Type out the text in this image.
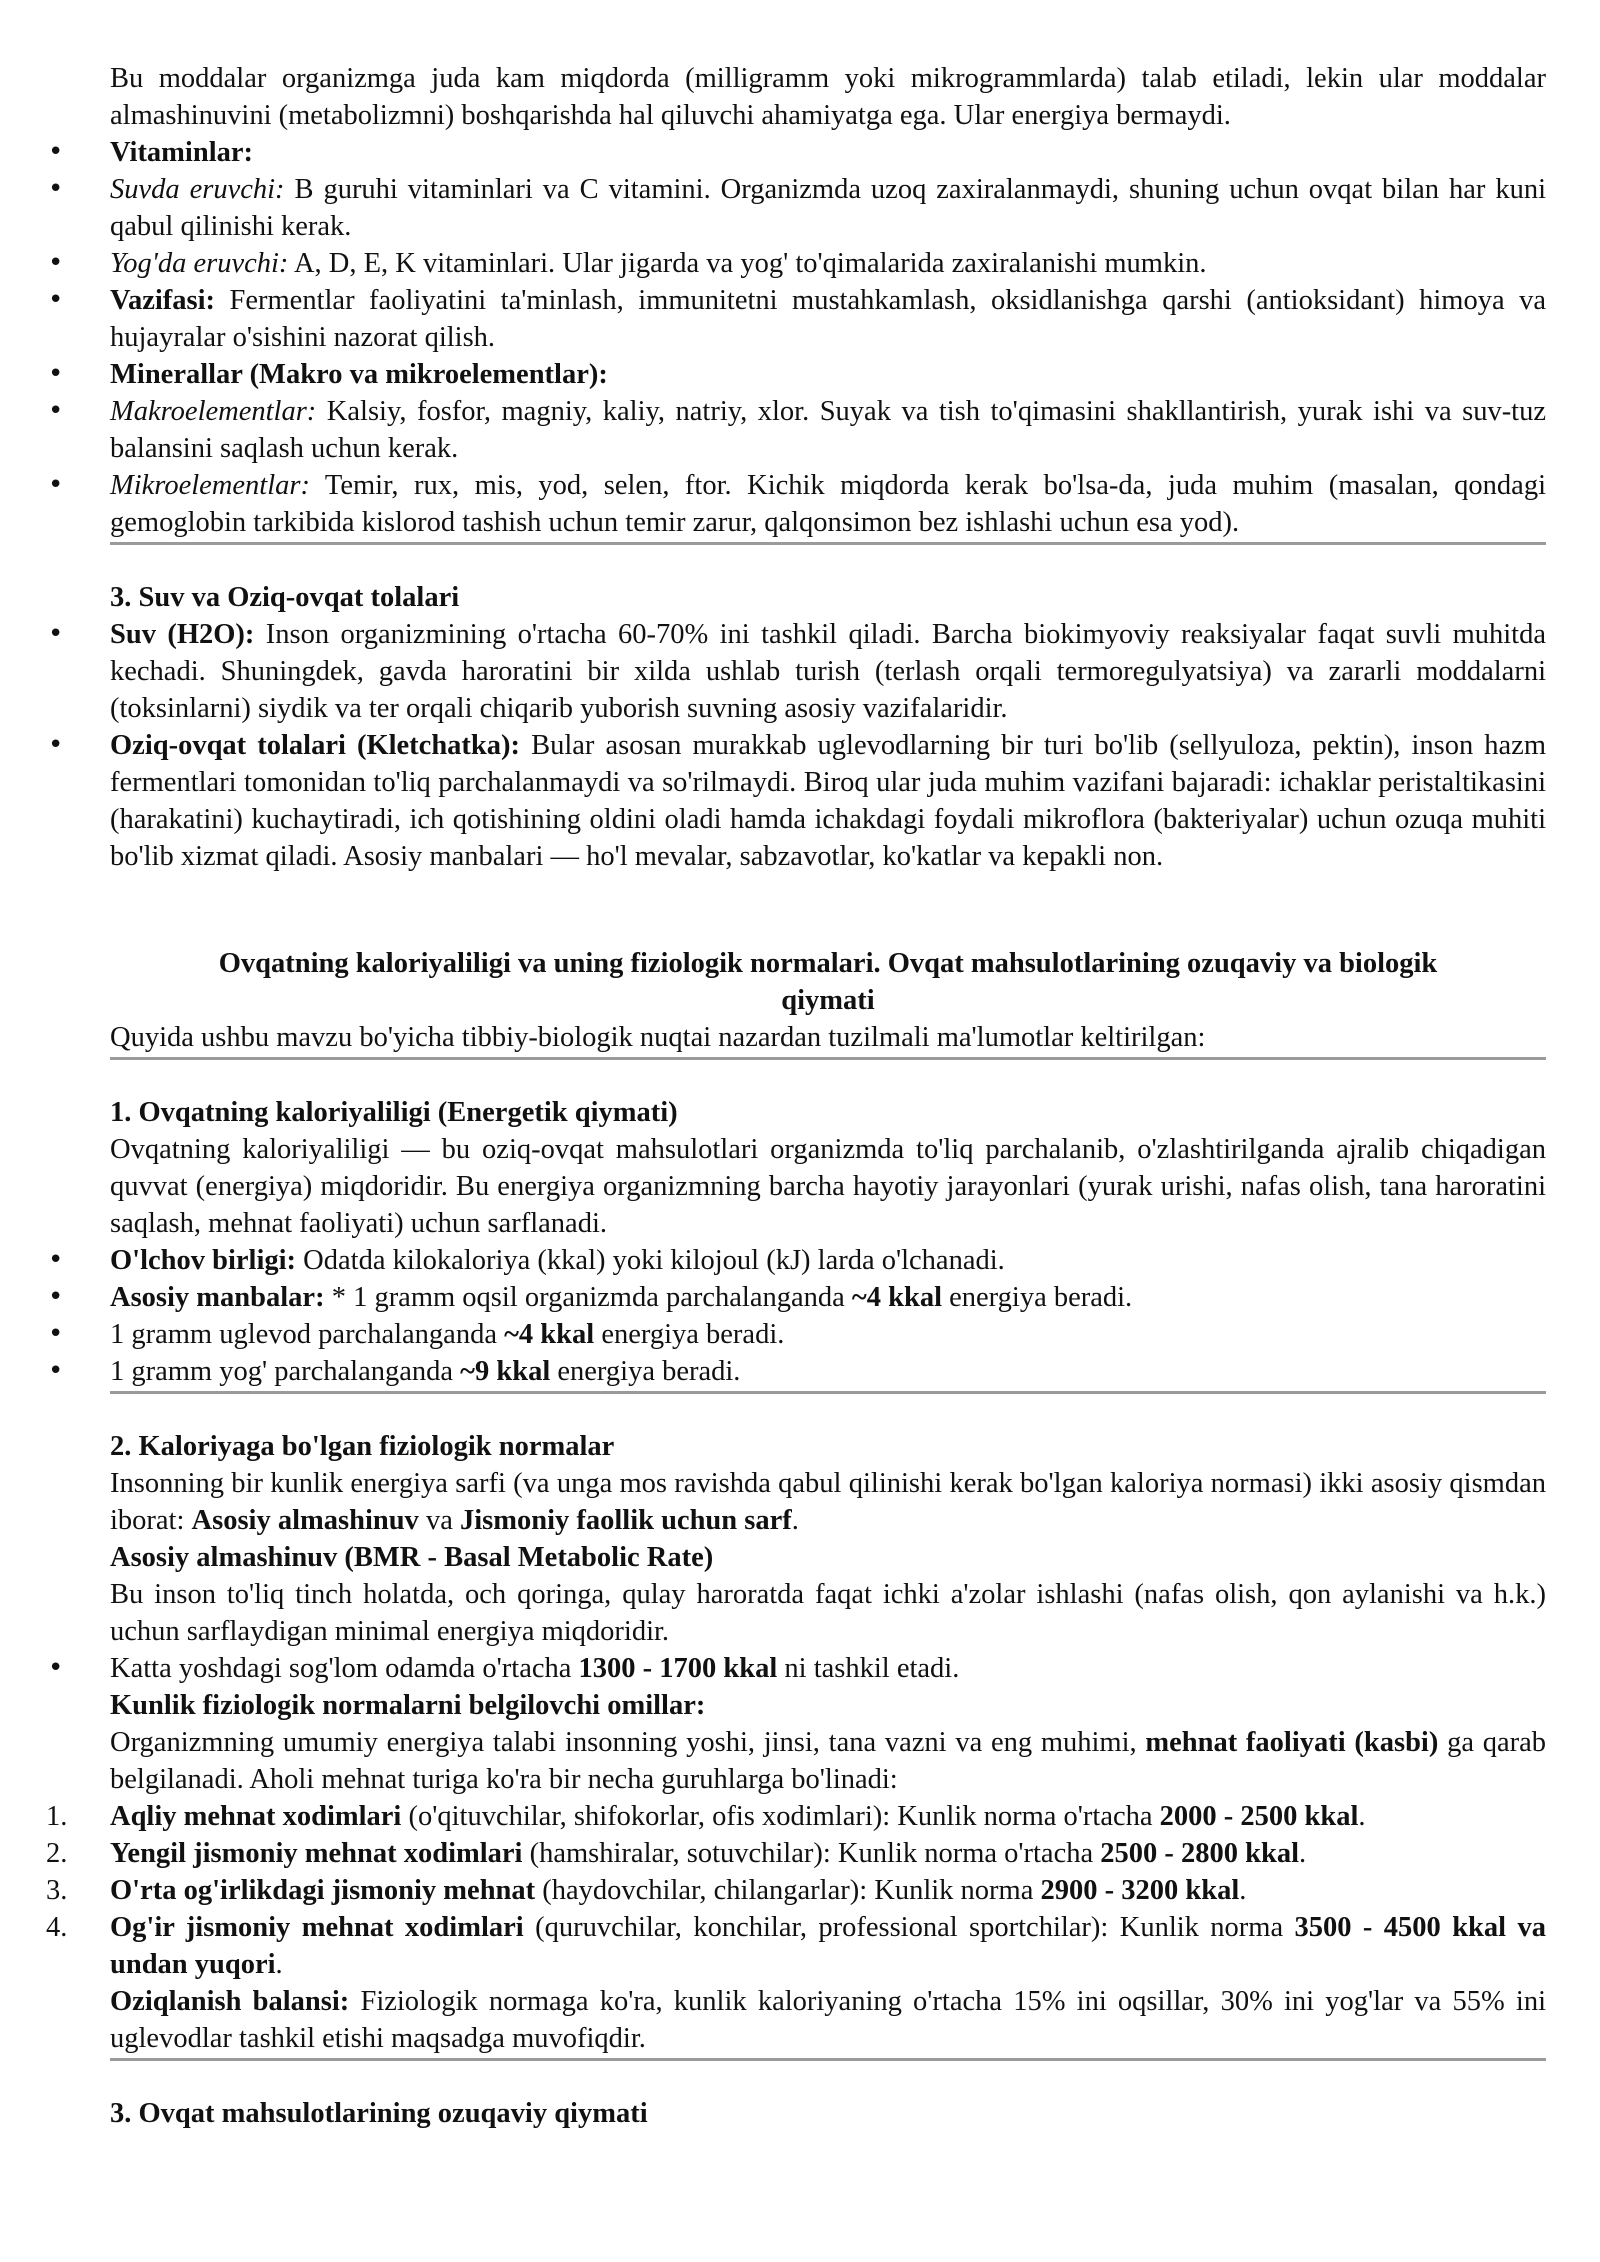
Bu moddalar organizmga juda kam miqdorda (milligramm yoki mikrogrammlarda) talab etiladi, lekin ular moddalar almashinuvini (metabolizmni) boshqarishda hal qiluvchi ahamiyatga ega. Ular energiya bermaydi.

• Vitaminlar:
• Suvda eruvchi: B guruhi vitaminlari va C vitamini. Organizmda uzoq zaxiralanmaydi, shuning uchun ovqat bilan har kuni qabul qilinishi kerak.
• Yog'da eruvchi: A, D, E, K vitaminlari. Ular jigarda va yog' to'qimalarida zaxiralanishi mumkin.
• Vazifasi: Fermentlar faoliyatini ta'minlash, immunitetni mustahkamlash, oksidlanishga qarshi (antioksidant) himoya va hujayralar o'sishini nazorat qilish.
• Minerallar (Makro va mikroelementlar):
• Makroelementlar: Kalsiy, fosfor, magniy, kaliy, natriy, xlor. Suyak va tish to'qimasini shakllantirish, yurak ishi va suv-tuz balansini saqlash uchun kerak.
• Mikroelementlar: Temir, rux, mis, yod, selen, ftor. Kichik miqdorda kerak bo'lsa-da, juda muhim (masalan, qondagi gemoglobin tarkibida kislorod tashish uchun temir zarur, qalqonsimon bez ishlashi uchun esa yod).

3. Suv va Oziq-ovqat tolalari

• Suv (H2O): Inson organizmining o'rtacha 60-70% ini tashkil qiladi. Barcha biokimyoviy reaksiyalar faqat suvli muhitda kechadi. Shuningdek, gavda haroratini bir xilda ushlab turish (terlash orqali termoregulyatsiya) va zararli moddalarni (toksinlarni) siydik va ter orqali chiqarib yuborish suvning asosiy vazifalaridir.
• Oziq-ovqat tolalari (Kletchatka): Bular asosan murakkab uglevodlarning bir turi bo'lib (sellyuloza, pektin), inson hazm fermentlari tomonidan to'liq parchalanmaydi va so'rilmaydi. Biroq ular juda muhim vazifani bajaradi: ichaklar peristaltikasini (harakatini) kuchaytiradi, ich qotishining oldini oladi hamda ichakdagi foydali mikroflora (bakteriyalar) uchun ozuqa muhiti bo'lib xizmat qiladi. Asosiy manbalari — ho'l mevalar, sabzavotlar, ko'katlar va kepakli non.
Ovqatning kaloriyaliligi va uning fiziologik normalari. Ovqat mahsulotlarining ozuqaviy va biologik
qiymati

Quyida ushbu mavzu bo'yicha tibbiy-biologik nuqtai nazardan tuzilmali ma'lumotlar keltirilgan:

1. Ovqatning kaloriyaliligi (Energetik qiymati)

Ovqatning kaloriyaliligi — bu oziq-ovqat mahsulotlari organizmda to'liq parchalanib, o'zlashtirilganda ajralib chiqadigan quvvat (energiya) miqdoridir. Bu energiya organizmning barcha hayotiy jarayonlari (yurak urishi, nafas olish, tana haroratini saqlash, mehnat faoliyati) uchun sarflanadi.

• O'lchov birligi: Odatda kilokaloriya (kkal) yoki kilojoul (kJ) larda o'lchanadi.
• Asosiy manbalar: * 1 gramm oqsil organizmda parchalanganda ~4 kkal energiya beradi.
• 1 gramm uglevod parchalanganda ~4 kkal energiya beradi.
• 1 gramm yog' parchalanganda ~9 kkal energiya beradi.

2. Kaloriyaga bo'lgan fiziologik normalar

Insonning bir kunlik energiya sarfi (va unga mos ravishda qabul qilinishi kerak bo'lgan kaloriya normasi) ikki asosiy qismdan iborat: Asosiy almashinuv va Jismoniy faollik uchun sarf.

Asosiy almashinuv (BMR - Basal Metabolic Rate)

Bu inson to'liq tinch holatda, och qoringa, qulay haroratda faqat ichki a'zolar ishlashi (nafas olish, qon aylanishi va h.k.) uchun sarflaydigan minimal energiya miqdoridir.

• Katta yoshdagi sog'lom odamda o'rtacha 1300 - 1700 kkal ni tashkil etadi.

Kunlik fiziologik normalarni belgilovchi omillar:

Organizmning umumiy energiya talabi insonning yoshi, jinsi, tana vazni va eng muhimi, mehnat faoliyati (kasbi) ga qarab belgilanadi. Aholi mehnat turiga ko'ra bir necha guruhlarga bo'linadi:

1. Aqliy mehnat xodimlari (o'qituvchilar, shifokorlar, ofis xodimlari): Kunlik norma o'rtacha 2000 - 2500 kkal.
2. Yengil jismoniy mehnat xodimlari (hamshiralar, sotuvchilar): Kunlik norma o'rtacha 2500 - 2800 kkal.
3. O'rta og'irlikdagi jismoniy mehnat (haydovchilar, chilangarlar): Kunlik norma 2900 - 3200 kkal.
4. Og'ir jismoniy mehnat xodimlari (quruvchilar, konchilar, professional sportchilar): Kunlik norma 3500 - 4500 kkal va undan yuqori.

Oziqlanish balansi: Fiziologik normaga ko'ra, kunlik kaloriyaning o'rtacha 15% ini oqsillar, 30% ini yog'lar va 55% ini uglevodlar tashkil etishi maqsadga muvofiqdir.

3. Ovqat mahsulotlarining ozuqaviy qiymati
